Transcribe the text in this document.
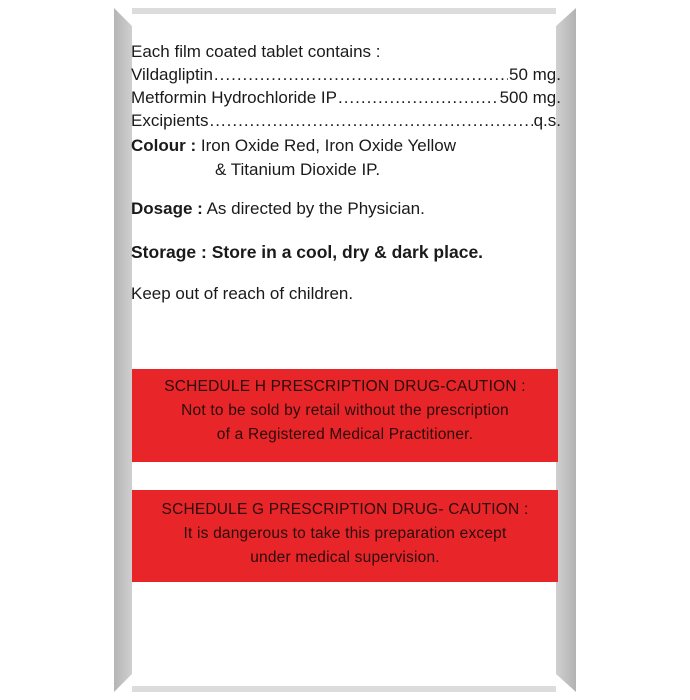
Each film coated tablet contains :
Vildagliptin .....	50 mg.
Metformin Hydrochloride IP .....	500 mg.
Excipients .....	q.s.
Colour : Iron Oxide Red, Iron Oxide Yellow
& Titanium Dioxide IP.
Dosage : As directed by the Physician.
Storage : Store in a cool, dry & dark place.
Keep out of reach of children.
SCHEDULE H PRESCRIPTION DRUG-CAUTION :
Not to be sold by retail without the prescription
of a Registered Medical Practitioner.
SCHEDULE G PRESCRIPTION DRUG- CAUTION :
It is dangerous to take this preparation except
under medical supervision.
